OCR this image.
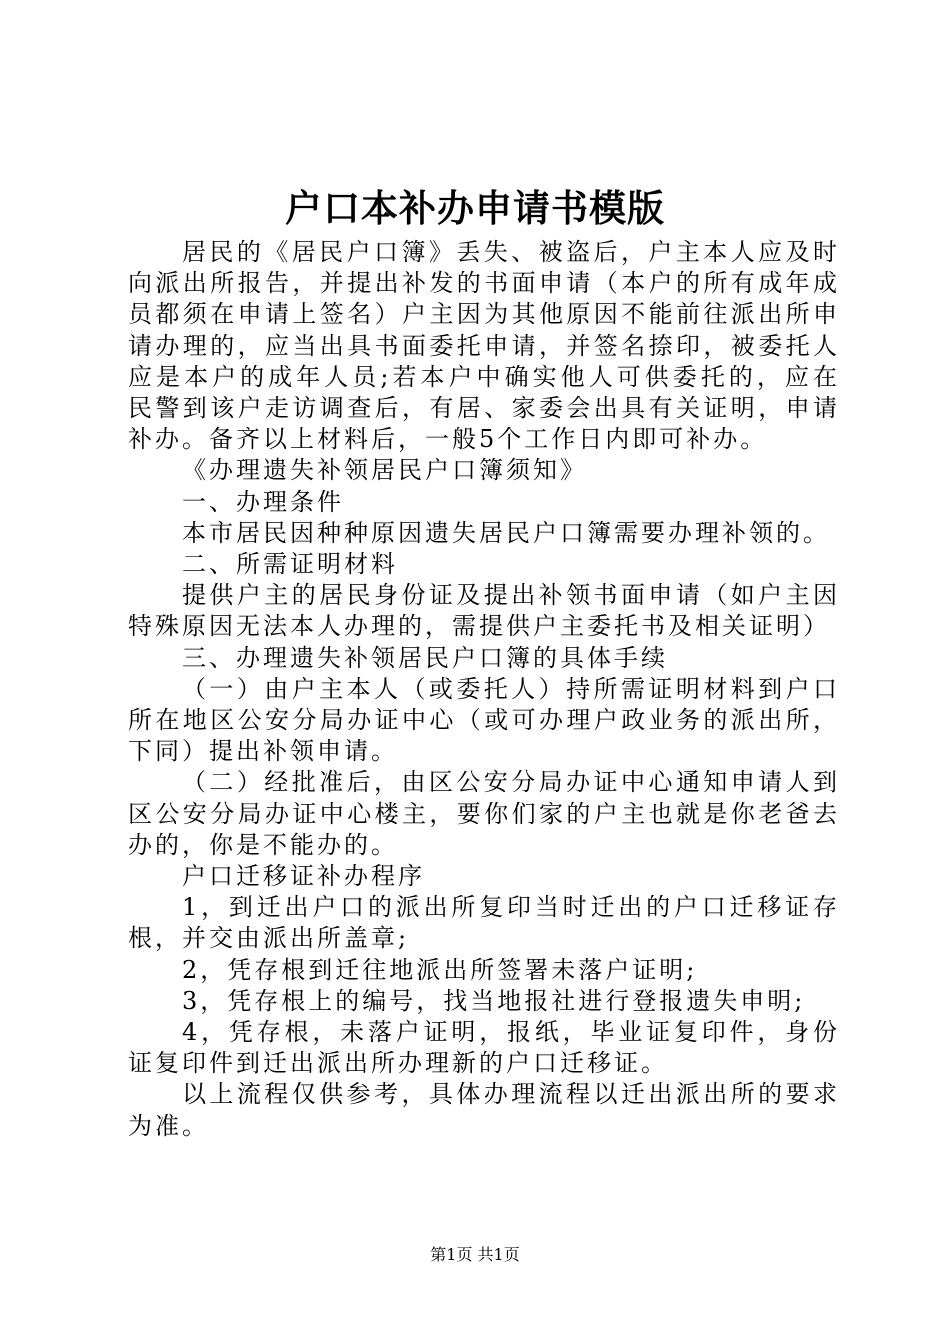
户口本补办申请书模版

居民的《居民户口簿》丢失、被盗后，户主本人应及时向派出所报告，并提出补发的书面申请（本户的所有成年成员都须在申请上签名）户主因为其他原因不能前往派出所申请办理的，应当出具书面委托申请，并签名捺印，被委托人应是本户的成年人员;若本户中确实他人可供委托的，应在民警到该户走访调查后，有居、家委会出具有关证明，申请补办。备齐以上材料后，一般5个工作日内即可补办。

《办理遗失补领居民户口簿须知》

一、办理条件

本市居民因种种原因遗失居民户口簿需要办理补领的。

二、所需证明材料

提供户主的居民身份证及提出补领书面申请（如户主因特殊原因无法本人办理的，需提供户主委托书及相关证明）

三、办理遗失补领居民户口簿的具体手续

（一）由户主本人（或委托人）持所需证明材料到户口所在地区公安分局办证中心（或可办理户政业务的派出所，下同）提出补领申请。

（二）经批准后，由区公安分局办证中心通知申请人到区公安分局办证中心楼主，要你们家的户主也就是你老爸去办的，你是不能办的。

户口迁移证补办程序

1，到迁出户口的派出所复印当时迁出的户口迁移证存根，并交由派出所盖章;

2，凭存根到迁往地派出所签署未落户证明;

3，凭存根上的编号，找当地报社进行登报遗失申明;

4，凭存根，未落户证明，报纸，毕业证复印件，身份证复印件到迁出派出所办理新的户口迁移证。

以上流程仅供参考，具体办理流程以迁出派出所的要求为准。

第1页 共1页
